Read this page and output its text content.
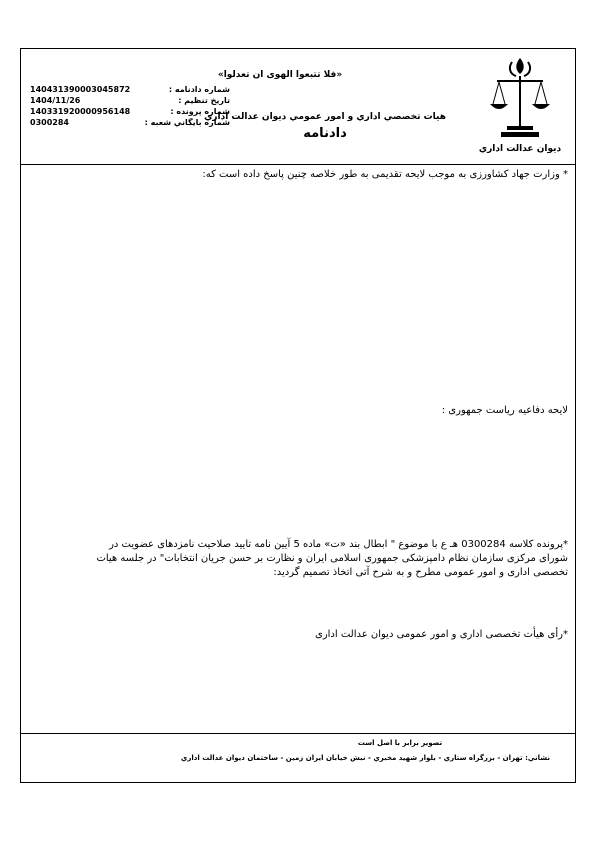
ديوان عدالت اداري
«فلا تتبعوا الهوى ان تعدلوا»
هيات تخصصي اداري و امور عمومي ديوان عدالت اداري
دادنامه
شماره دادنامه :
140431390003045872
تاريخ تنظيم :
1404/11/26
شماره پرونده :
140331920000956148
شماره بايگاني شعبه :
0300284
* وزارت جهاد کشاورزی به موجب لايحه تقديمی به طور خلاصه چنين پاسخ داده است که:
لايحه دفاعيه رياست جمهوری :
*پرونده كلاسه 0300284 هـ ع با موضوع " ابطال بند «ت» ماده 5 آيين نامه تاييد صلاحيت نامزدهای عضويت در
شورای مرکزی سازمان نظام دامپزشکی جمهوری اسلامی ايران و نظارت بر حسن جريان انتخابات" در جلسه هيات
تخصصی اداری و امور عمومی مطرح و به شرح آتی اتخاذ تصميم گرديد:
*رأی هيأت تخصصی اداری و امور عمومی ديوان عدالت اداری
تصوير برابر با اصل است
نشاني: تهران - بزرگراه ستاري - بلوار شهيد مخبري - نبش خيابان ايران زمين - ساختمان ديوان عدالت اداري
